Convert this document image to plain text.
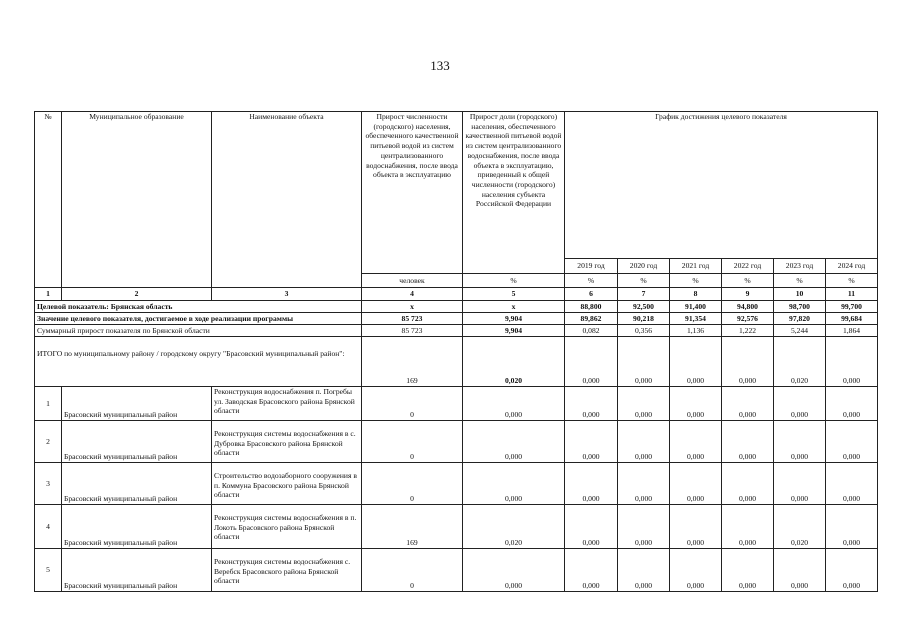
133
№	Муниципальное образование	Наименование объекта	Прирост численности (городского) населения, обеспеченного качественной питьевой водой из систем централизованного водоснабжения, после ввода объекта в эксплуатацию	Прирост доли (городского) населения, обеспеченного качественной питьевой водой из систем централизованного водоснабжения, после ввода объекта в эксплуатацию, приведенный к общей численности (городского) населения субъекта Российской Федерации	График достижения целевого показателя					
					2019 год	2020 год	2021 год	2022 год	2023 год	2024 год
			человек	%	%	%	%	%	%	%
1	2	3	4	5	6	7	8	9	10	11
Целевой показатель: Брянская область			x	x	88,800	92,500	91,400	94,800	98,700	99,700
Значение целевого показателя, достигаемое в ходе реализации программы			85 723	9,904	89,862	90,218	91,354	92,576	97,820	99,684
Суммарный прирост показателя по Брянской области			85 723	9,904	0,082	0,356	1,136	1,222	5,244	1,864
ИТОГО по муниципальному району / городскому округу "Брасовский муниципальный район":			169	0,020	0,000	0,000	0,000	0,000	0,020	0,000
1	Брасовский муниципальный район	Реконструкция водоснабжения п. Погребы ул. Заводская Брасовского района Брянской области	0	0,000	0,000	0,000	0,000	0,000	0,000	0,000
2	Брасовский муниципальный район	Реконструкция системы водоснабжения в с. Дубровка Брасовского района Брянской области	0	0,000	0,000	0,000	0,000	0,000	0,000	0,000
3	Брасовский муниципальный район	Строительство водозаборного сооружения в п. Коммуна Брасовского района Брянской области	0	0,000	0,000	0,000	0,000	0,000	0,000	0,000
4	Брасовский муниципальный район	Реконструкция системы водоснабжения в п. Локоть Брасовского района Брянской области	169	0,020	0,000	0,000	0,000	0,000	0,020	0,000
5	Брасовский муниципальный район	Реконструкция системы водоснабжения с. Веребск Брасовского района Брянской области	0	0,000	0,000	0,000	0,000	0,000	0,000	0,000
